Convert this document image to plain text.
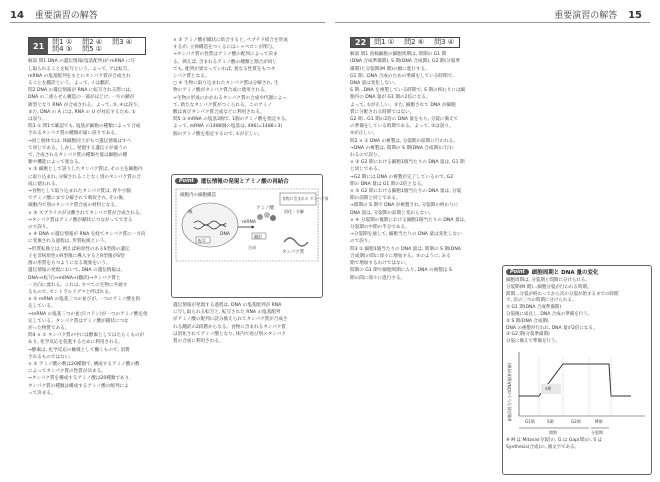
14 重要演習の解答
21	問1 ① 問2 ④ 問3 ④
問4 ⑤ 問5 ①

解説 問1 DNA の遺伝情報(塩基配列)が mRNA に写

し取られることを転写という。よって, アは転写。

mRNA の塩基配列をもとにタンパク質が合成され

ることを翻訳という。よって, イは翻訳。

問2 DNA の遺伝情報が RNA に転写される際には,

DNA の二重らせん構造の一部がほどけ, 一方の鎖が

鋳型となり RNA が合成される。よって, ③, ④は誤り。

また, DNA の A には, RNA の U が対応するため, ①

は誤り。

問3 ① 問1で確認でも, 塩基が細胞の種類によって合成

されるタンパク質の種類が違い誤りである。

→同じ個体では, 体細胞同士がもつ遺伝情報はすべ

て同じである。しかし, 発現する遺伝子が違うの

で, 合成されるタンパク質の種類や量は細胞の種

類や機能によって異なる。

× ② 細胞として誤りしたタンパク質は, その主を細胞内

に取り込まれ, 分解されることなく別のタンパク質の合

成に使われる。

→食物として取り込まれたタンパク質は, 胃や小腸

でアミノ酸にまで分解されて吸収され, その後,

細胞内で別のタンパク質合成の材料となる。

× ③ スプライスが分離されてタンパク質が合成される。

→タンパク質はアミノ酸が鎖状につながってできる

ので誤り。

× ④ DNA の遺伝情報が RNA を経てタンパク質に一方向

に変換される過程は, 形質転換という。

→形質転換とは, 例えば病原性のあるS型菌の遺伝

子を非病原性のR型菌に導入するとR型菌がS型

菌の形質をもつようになる現象をいう。

遺伝情報の発現において, DNA の遺伝情報は,

DNA→(転写)→mRNA→(翻訳)→タンパク質と

一方向に流れる。これは, すべての生物に共通す

るもので, セントラルドグマと呼ばれる。

× ⑤ mRNA の塩基三つの並びが, 一つのアミノ酸を指

定している。

→mRNA の塩基三つの並び(コドン)が一つのアミノ酸を指

定している。タンパク質はアミノ酸が鎖状につな

がった物質である。

問4 × ① タンパク質の中には酵素としてはたらくものが

あり, 化学反応を促進するために利用される。

→酵素は, 化学反応の触媒として働くもので, 消費

されるものではない。

× ② アミノ酸の数は20種類で, 構成するアミノ酸の数

によってタンパク質の性質が決まる。

→タンパク質を構成するアミノ酸は20種類であり,

タンパク質の種類は構成するアミノ酸の配列によ

って決まる。

× ③ アミノ酸が鎖状に結合すると, ペプチド結合を形成

するが, 立体構造をつくるにはシャペロンが関与。

→タンパク質の性質はアミノ酸の配列によって決ま

る。例えば, 含まれるアミノ酸の種類と割合が同じ

でも, 配列が異なっていれば, 異なる性質をもつタ

ンパク質となる。

○ ④ 生物に取り込まれたタンパク質は分解され, 生

物のアミノ酸がタンパク質合成に使用される。

→生物の形成にかかわるタンパク質の合成や代謝によっ

て, 新たなタンパク質がつくられる。このアミノ

酸は再びタンパク質合成などに利用される。

問5 ① mRNA の塩基3個で, 1個のアミノ酸を指定する。

よって, mRNA の1488個の塩基は, 496(=1488÷3)

個のアミノ酸を指定するので, ①が正しい。

Point	遺伝情報の発現とアミノ酸の再結合
細胞内の細胞構造
核
DNA
転写
mRNA
翻訳
アミノ酸
食物に含まれる タンパク質
消化・分解
タンパク質
合成

遺伝情報が発現する過程は, DNA の塩基配列が RNA

に写し取られる転写と, 転写された RNA の塩基配列

がアミノ酸の配列に読み換えられてタンパク質が合成さ

れる翻訳の2段階からなる。食物に含まれるタンパク質

は消化されてアミノ酸となり, 体内で再び別のタンパク

質の合成に利用される。

重要演習の解答 15
22	問1 ① 問2 ⑥ 問3 ④

解説 問1 真核細胞の細胞周期は, 間期の G1 期

(DNA 合成準備期), S 期(DNA 合成期), G2 期(分裂準

備期)と分裂期(M 期)の順に進行する。

G1 期…DNA 合成のための準備をしている時期で,

DNA 量は変化しない。

S 期…DNA を複製している時期で, S 期の終わりには細

胞内の DNA 量が G1 期の2倍になる。

よって, ①が正しい。また, 細胞されて DNA が細胞

質に分配される時期ではない。

G2 期…G1 期の2倍の DNA 量をもち, 分裂に備えて

の準備をしている時期である。よって, ③は誤り。

④が正しい。

問2 × ① DNA の複製は, 分裂期の前期に行われる。

→DNA の複製は, 間期の S 期(DNA 合成期)に行わ

れるので誤り。

× ② G2 期における細胞1個当たりの DNA 量は, G1 期

と同じである。

→G2 期には DNA の複製が完了しているので, G2

期の DNA 量は G1 期の2倍となる。

× ③ G2 期における細胞1個当たりの DNA 量は, 分裂

期の前期と同じである。

→間期の S 期で DNA が複製され, 分裂期の終わりに

DNA 量は, 分裂期の前期と変わらない。

× ④ 分裂期の後期における細胞1個当たりの DNA 量は,

分裂期の中期の半分である。

→分裂期を通して, 細胞当たりの DNA 量は変化しない

ので誤り。

問3 ① 細胞1個当たりの DNA 量は, 間期の S 期(DNA

合成期)の間に徐々に増加する。⑤のように, ある

期で増加するわけではない。

間期の G1 期で細胞周期に入り, DNA の複製は S

期の間に徐々に進行する。

Point	細胞周期と DNA 量の変化

細胞周期は, 分裂期と間期に分けられる。

分裂期(M 期)…細胞分裂が行われる時期。

間期…分裂が終わってから次の分裂が始まるまでの時期

で, 次の三つの時期に分けられる。

① G1 期(DNA 合成準備期)

分裂後に成長し, DNA 合成の準備を行う。

② S 期(DNA 合成期)

DNA の複製が行われ, DNA 量が2倍になる。

③ G2 期(分裂準備期)

分裂に備えて準備を行う。

細胞1個当たりのDNA量(相対値)	S期
G1期	S期	G2期	M期
間期	分裂期

※ M は Mitosis(分裂)の, G は Gap(間)の, S は

Synthesis(合成)の, 頭文字である。
